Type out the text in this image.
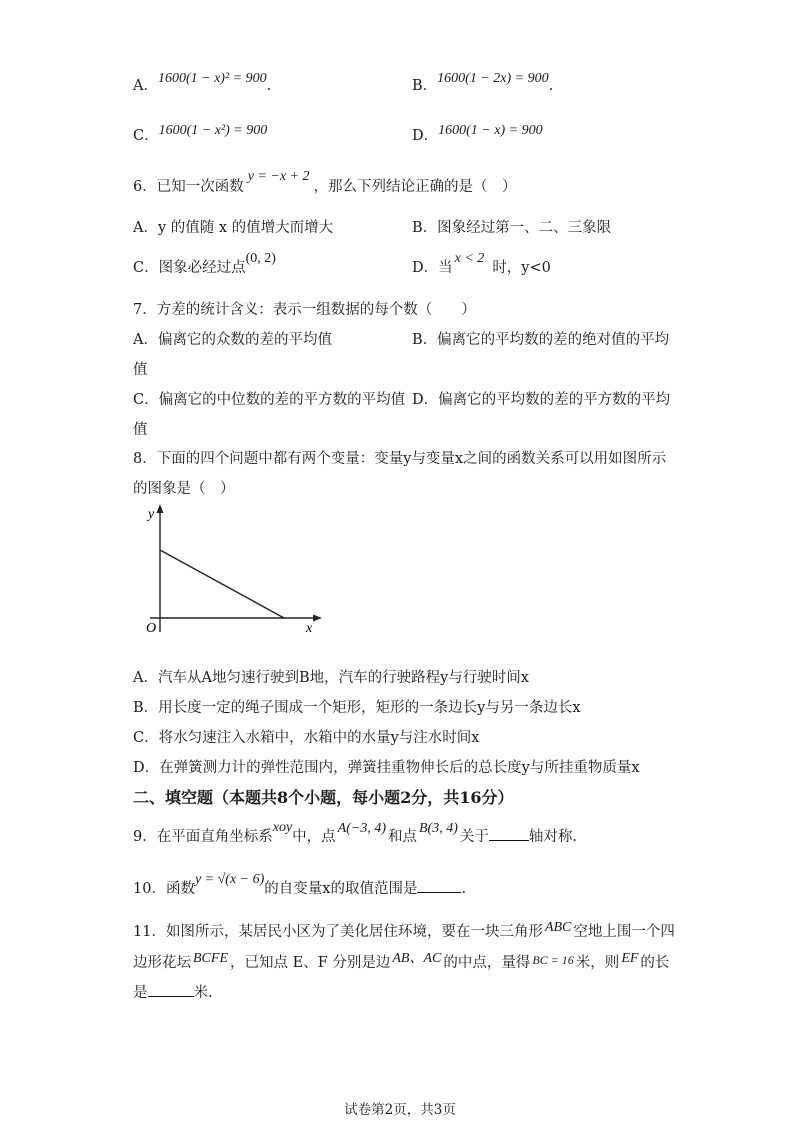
A．1600(1 − x)² = 900.	B．1600(1 − 2x) = 900.
C．1600(1 − x²) = 900	D．1600(1 − x) = 900
6．已知一次函数y = −x + 2，那么下列结论正确的是（　）
A．y 的值随 x 的值增大而增大	B．图象经过第一、二、三象限
C．图象必经过点(0, 2)
D．当x < 2时，y<0
7．方差的统计含义：表示一组数据的每个数（　　）
A．偏离它的众数的差的平均值	B．偏离它的平均数的差的绝对值的平均
值
C．偏离它的中位数的差的平方数的平均值 D．偏离它的平均数的差的平方数的平均
值
8．下面的四个问题中都有两个变量：变量y与变量x之间的函数关系可以用如图所示
的图象是（　）
y
x
O
A．汽车从A地匀速行驶到B地，汽车的行驶路程y与行驶时间x
B．用长度一定的绳子围成一个矩形，矩形的一条边长y与另一条边长x
C．将水匀速注入水箱中，水箱中的水量y与注水时间x
D．在弹簧测力计的弹性范围内，弹簧挂重物伸长后的总长度y与所挂重物质量x
二、填空题（本题共8个小题，每小题2分，共16分）
9．在平面直角坐标系xoy中，点A(−3, 4)和点B(3, 4)关于	轴对称.
10．函数y = √(x − 6)的自变量x的取值范围是	.
11．如图所示，某居民小区为了美化居住环境，要在一块三角形 ABC 空地上围一个四
边形花坛 BCFE ，已知点 E、F 分别是边 AB、AC 的中点，量得 $^{BC = 16}$ 米，则 EF 的长
是	米.
试卷第2页，共3页
